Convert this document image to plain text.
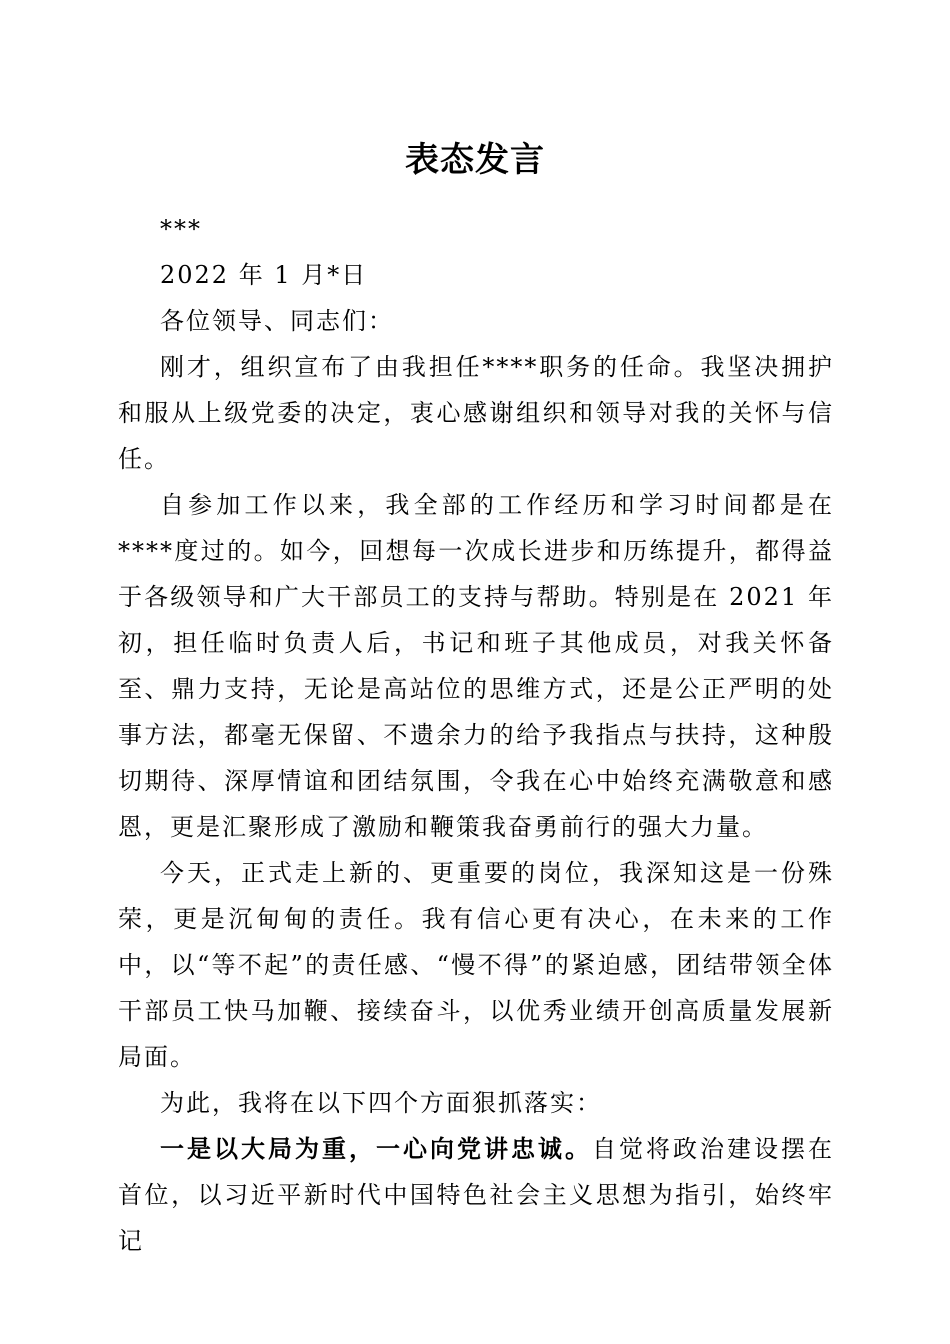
表态发言

***

2022 年 1 月*日

各位领导、同志们：

刚才，组织宣布了由我担任****职务的任命。我坚决拥护和服从上级党委的决定，衷心感谢组织和领导对我的关怀与信任。

自参加工作以来，我全部的工作经历和学习时间都是在****度过的。如今，回想每一次成长进步和历练提升，都得益于各级领导和广大干部员工的支持与帮助。特别是在 2021 年初，担任临时负责人后，书记和班子其他成员，对我关怀备至、鼎力支持，无论是高站位的思维方式，还是公正严明的处事方法，都毫无保留、不遗余力的给予我指点与扶持，这种殷切期待、深厚情谊和团结氛围，令我在心中始终充满敬意和感恩，更是汇聚形成了激励和鞭策我奋勇前行的强大力量。

今天，正式走上新的、更重要的岗位，我深知这是一份殊荣，更是沉甸甸的责任。我有信心更有决心，在未来的工作中，以“等不起”的责任感、“慢不得”的紧迫感，团结带领全体干部员工快马加鞭、接续奋斗，以优秀业绩开创高质量发展新局面。

为此，我将在以下四个方面狠抓落实：

一是以大局为重，一心向党讲忠诚。自觉将政治建设摆在首位，以习近平新时代中国特色社会主义思想为指引，始终牢记
